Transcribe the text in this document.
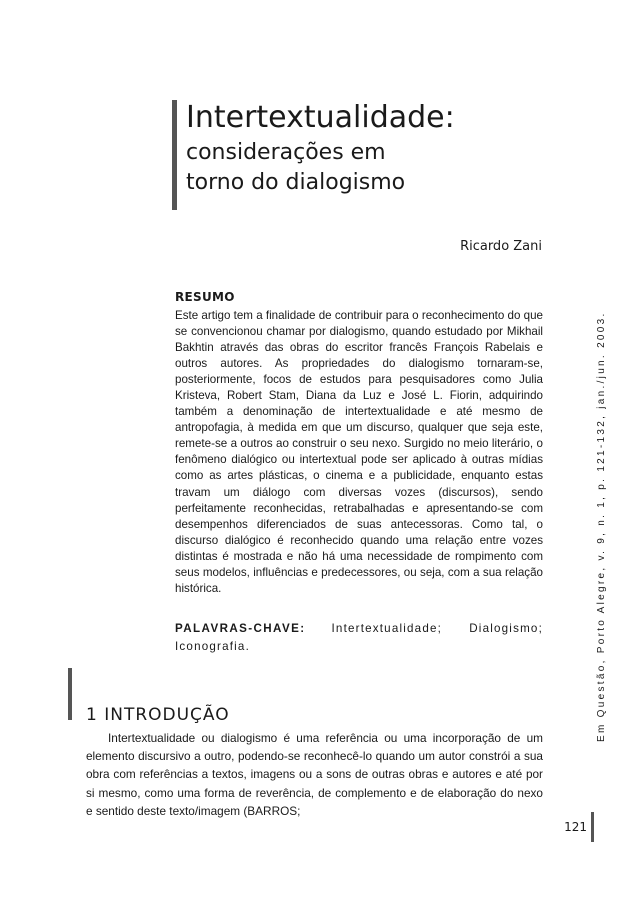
Intertextualidade:
considerações em
torno do dialogismo
Ricardo Zani
RESUMO
Este artigo tem a finalidade de contribuir para o reconhecimento do que se convencionou chamar por dialogismo, quando estudado por Mikhail Bakhtin através das obras do escritor francês François Rabelais e outros autores. As propriedades do dialogismo tornaram-se, posteriormente, focos de estudos para pesquisadores como Julia Kristeva, Robert Stam, Diana da Luz e José L. Fiorin, adquirindo também a denominação de intertextualidade e até mesmo de antropofagia, à medida em que um discurso, qualquer que seja este, remete-se a outros ao construir o seu nexo. Surgido no meio literário, o fenômeno dialógico ou intertextual pode ser aplicado à outras mídias como as artes plásticas, o cinema e a publicidade, enquanto estas travam um diálogo com diversas vozes (discursos), sendo perfeitamente reconhecidas, retrabalhadas e apresentando-se com desempenhos diferenciados de suas antecessoras. Como tal, o discurso dialógico é reconhecido quando uma relação entre vozes distintas é mostrada e não há uma necessidade de rompimento com seus modelos, influências e predecessores, ou seja, com a sua relação histórica.
PALAVRAS-CHAVE: Intertextualidade; Dialogismo; Iconografia.
1 INTRODUÇÃO
Intertextualidade ou dialogismo é uma referência ou uma incorporação de um elemento discursivo a outro, podendo-se reconhecê-lo quando um autor constrói a sua obra com referências a textos, imagens ou a sons de outras obras e autores e até por si mesmo, como uma forma de reverência, de complemento e de elaboração do nexo e sentido deste texto/imagem (BARROS;
Em Questão, Porto Alegre, v. 9, n. 1, p. 121-132, jan./jun. 2003.
121
